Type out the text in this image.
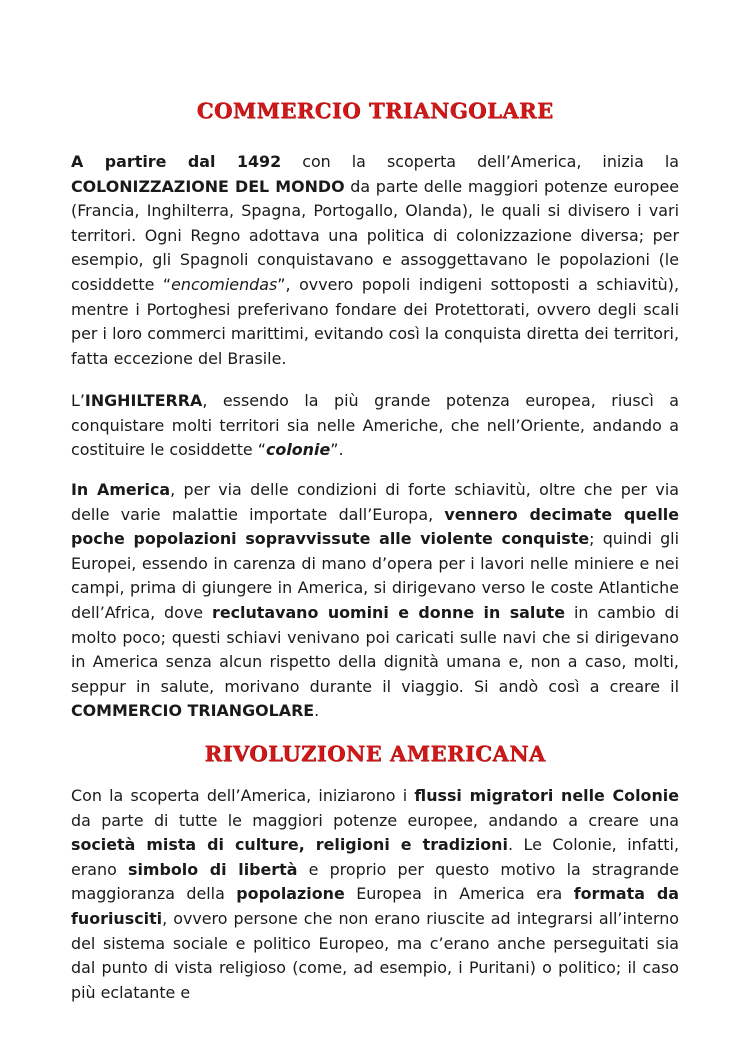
COMMERCIO TRIANGOLARE

A partire dal 1492 con la scoperta dell’America, inizia la COLONIZZAZIONE DEL MONDO da parte delle maggiori potenze europee (Francia, Inghilterra, Spagna, Portogallo, Olanda), le quali si divisero i vari territori. Ogni Regno adottava una politica di colonizzazione diversa; per esempio, gli Spagnoli conquistavano e assoggettavano le popolazioni (le cosiddette “encomiendas”, ovvero popoli indigeni sottoposti a schiavitù), mentre i Portoghesi preferivano fondare dei Protettorati, ovvero degli scali per i loro commerci marittimi, evitando così la conquista diretta dei territori, fatta eccezione del Brasile.

L’INGHILTERRA, essendo la più grande potenza europea, riuscì a conquistare molti territori sia nelle Americhe, che nell’Oriente, andando a costituire le cosiddette “colonie”.

In America, per via delle condizioni di forte schiavitù, oltre che per via delle varie malattie importate dall’Europa, vennero decimate quelle poche popolazioni sopravvissute alle violente conquiste; quindi gli Europei, essendo in carenza di mano d’opera per i lavori nelle miniere e nei campi, prima di giungere in America, si dirigevano verso le coste Atlantiche dell’Africa, dove reclutavano uomini e donne in salute in cambio di molto poco; questi schiavi venivano poi caricati sulle navi che si dirigevano in America senza alcun rispetto della dignità umana e, non a caso, molti, seppur in salute, morivano durante il viaggio. Si andò così a creare il COMMERCIO TRIANGOLARE.

RIVOLUZIONE AMERICANA

Con la scoperta dell’America, iniziarono i flussi migratori nelle Colonie da parte di tutte le maggiori potenze europee, andando a creare una società mista di culture, religioni e tradizioni. Le Colonie, infatti, erano simbolo di libertà e proprio per questo motivo la stragrande maggioranza della popolazione Europea in America era formata da fuoriusciti, ovvero persone che non erano riuscite ad integrarsi all’interno del sistema sociale e politico Europeo, ma c’erano anche perseguitati sia dal punto di vista religioso (come, ad esempio, i Puritani) o politico; il caso più eclatante e
